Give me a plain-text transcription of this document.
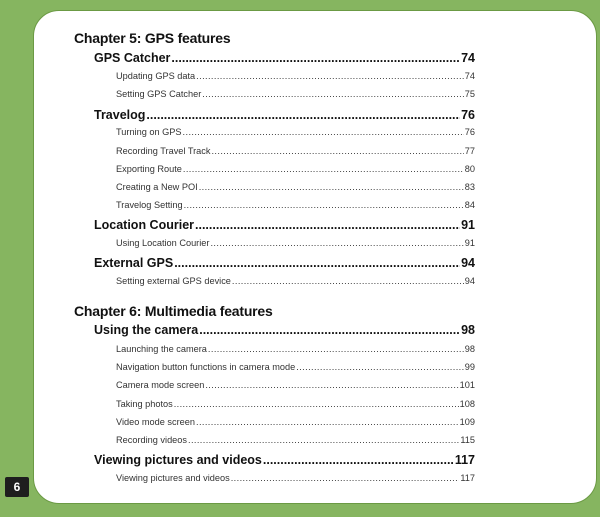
6
Chapter 5: GPS features
GPS Catcher .....	74
Updating GPS data .....	74
Setting GPS Catcher .....	75
Travelog .....	76
Turning on GPS .....	76
Recording Travel Track .....	77
Exporting Route .....	80
Creating a New POI .....	83
Travelog Setting .....	84
Location Courier .....	91
Using Location Courier .....	91
External GPS .....	94
Setting external GPS device .....	94
Chapter 6: Multimedia features
Using the camera .....	98
Launching the camera .....	98
Navigation button functions in camera mode .....	99
Camera mode screen .....	101
Taking photos .....	108
Video mode screen .....	109
Recording videos .....	115
Viewing pictures and videos .....	117
Viewing pictures and videos .....	117
